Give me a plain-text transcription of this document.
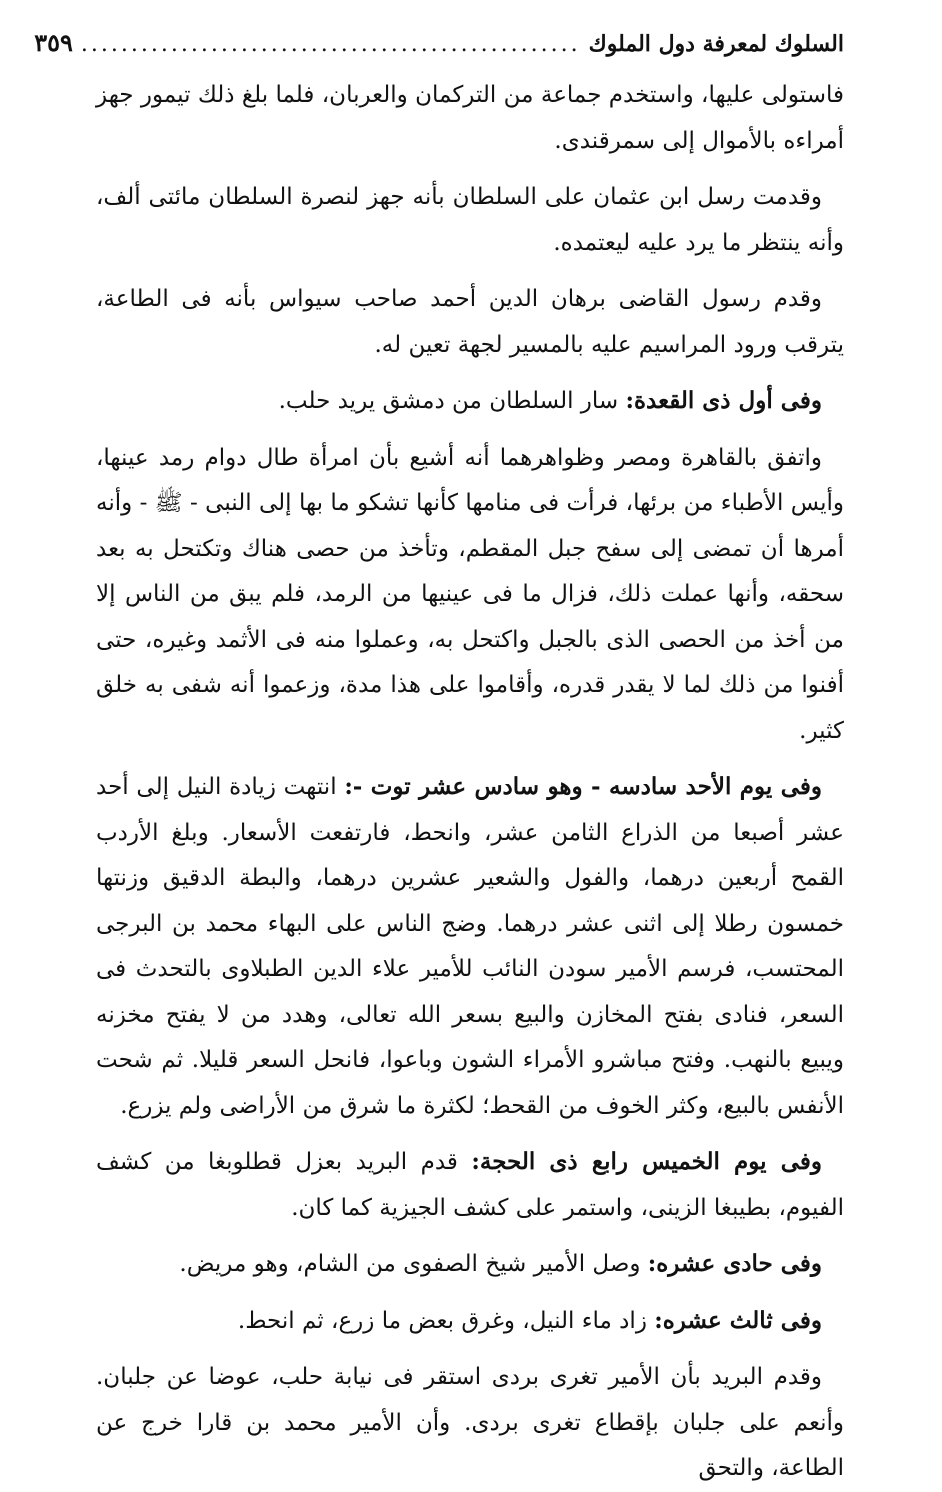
السلوك لمعرفة دول الملوك
..................................................
٣٥٩

فاستولى عليها، واستخدم جماعة من التركمان والعربان، فلما بلغ ذلك تيمور جهز أمراءه بالأموال إلى سمرقندى.

وقدمت رسل ابن عثمان على السلطان بأنه جهز لنصرة السلطان مائتى ألف، وأنه ينتظر ما يرد عليه ليعتمده.

وقدم رسول القاضى برهان الدين أحمد صاحب سيواس بأنه فى الطاعة، يترقب ورود المراسيم عليه بالمسير لجهة تعين له.

وفى أول ذى القعدة: سار السلطان من دمشق يريد حلب.

واتفق بالقاهرة ومصر وظواهرهما أنه أشيع بأن امرأة طال دوام رمد عينها، وأيس الأطباء من برئها، فرأت فى منامها كأنها تشكو ما بها إلى النبى - ﷺ - وأنه أمرها أن تمضى إلى سفح جبل المقطم، وتأخذ من حصى هناك وتكتحل به بعد سحقه، وأنها عملت ذلك، فزال ما فى عينيها من الرمد، فلم يبق من الناس إلا من أخذ من الحصى الذى بالجبل واكتحل به، وعملوا منه فى الأثمد وغيره، حتى أفنوا من ذلك لما لا يقدر قدره، وأقاموا على هذا مدة، وزعموا أنه شفى به خلق كثير.

وفى يوم الأحد سادسه - وهو سادس عشر توت -: انتهت زيادة النيل إلى أحد عشر أصبعا من الذراع الثامن عشر، وانحط، فارتفعت الأسعار. وبلغ الأردب القمح أربعين درهما، والفول والشعير عشرين درهما، والبطة الدقيق وزنتها خمسون رطلا إلى اثنى عشر درهما. وضج الناس على البهاء محمد بن البرجى المحتسب، فرسم الأمير سودن النائب للأمير علاء الدين الطبلاوى بالتحدث فى السعر، فنادى بفتح المخازن والبيع بسعر الله تعالى، وهدد من لا يفتح مخزنه ويبيع بالنهب. وفتح مباشرو الأمراء الشون وباعوا، فانحل السعر قليلا. ثم شحت الأنفس بالبيع، وكثر الخوف من القحط؛ لكثرة ما شرق من الأراضى ولم يزرع.

وفى يوم الخميس رابع ذى الحجة: قدم البريد بعزل قطلوبغا من كشف الفيوم، بطيبغا الزينى، واستمر على كشف الجيزية كما كان.

وفى حادى عشره: وصل الأمير شيخ الصفوى من الشام، وهو مريض.

وفى ثالث عشره: زاد ماء النيل، وغرق بعض ما زرع، ثم انحط.

وقدم البريد بأن الأمير تغرى بردى استقر فى نيابة حلب، عوضا عن جلبان. وأنعم على جلبان بإقطاع تغرى بردى. وأن الأمير محمد بن قارا خرج عن الطاعة، والتحق
